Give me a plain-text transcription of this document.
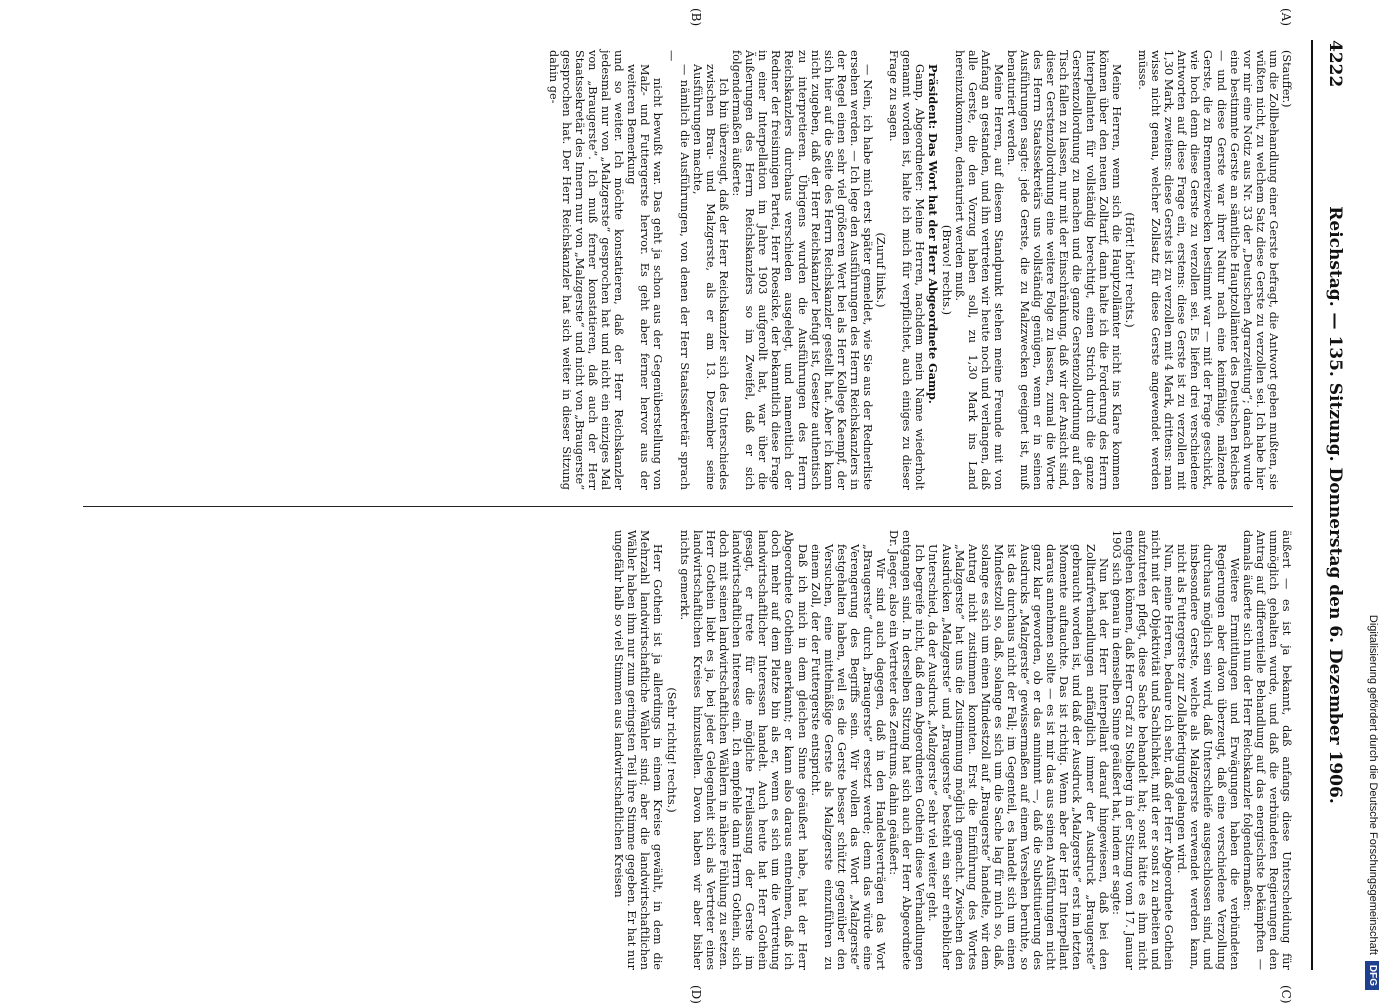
4222
Reichstag. — 135. Sitzung. Donnerstag den 6. Dezember 1906.
(A)
(B)
(C)
(D)

(Stauffer.)

um die Zollbehandlung einer Gerste befragt, die Antwort geben mußten, sie wüßten nicht, zu welchem Satz diese Gerste zu verzollen sei. Ich habe hier vor mir eine Notiz aus Nr. 33 der „Deutschen Agrarzeitung“; danach wurde eine bestimmte Gerste an sämtliche Hauptzollämter des Deutschen Reiches — und diese Gerste war ihrer Natur nach eine keimfähige, mälzende Gerste, die zu Brennereizwecken bestimmt war — mit der Frage geschickt, wie hoch denn diese Gerste zu verzollen sei. Es liefen drei verschiedene Antworten auf diese Frage ein, erstens: diese Gerste ist zu verzollen mit 1,30 Mark, zweitens: diese Gerste ist zu verzollen mit 4 Mark, drittens: man wisse nicht genau, welcher Zollsatz für diese Gerste angewendet werden müsse.

(Hört! hört! rechts.)

Meine Herren, wenn sich die Hauptzollämter nicht ins Klare kommen können über den neuen Zolltarif, dann halte ich die Forderung des Herrn Interpellanten für vollständig berechtigt, einen Strich durch die ganze Gerstenzollordnung zu machen und die ganze Gerstenzollordnung auf den Tisch fallen zu lassen, nur mit der Einschränkung, daß wir der Ansicht sind, dieser Gerstenzollordnung eine weitere Folge zu lassen, zumal die Worte des Herrn Staatssekretärs uns vollständig genügen, wenn er in seinen Ausführungen sagte: jede Gerste, die zu Malzzwecken geeignet ist, muß benaturiert werden.

Meine Herren, auf diesem Standpunkt stehen meine Freunde mit von Anfang an gestanden, und ihn vertreten wir heute noch und verlangen, daß alle Gerste, die den Vorzug haben soll, zu 1,30 Mark ins Land hereinzukommen, denaturiert werden muß.

(Bravo! rechts.)

Präsident: Das Wort hat der Herr Abgeordnete Gamp.

Gamp, Abgeordneter: Meine Herren, nachdem mein Name wiederholt genannt worden ist, halte ich mich für verpflichtet, auch einiges zu dieser Frage zu sagen.

(Zuruf links.)

— Nein, ich habe mich erst später gemeldet, wie Sie aus der Rednerliste ersehen werden. — Ich lege den Ausführungen des Herrn Reichskanzlers in der Regel einen sehr viel größeren Wert bei als Herr Kollege Kaempf, der sich hier auf die Seite des Herrn Reichskanzler gestellt hat. Aber ich kann nicht zugeben, daß der Herr Reichskanzler befugt ist, Gesetze authentisch zu interpretieren. Übrigens wurden die Ausführungen des Herrn Reichskanzlers durchaus verschieden ausgelegt, und namentlich der Redner der freisinnigen Partei, Herr Roesicke, der bekanntlich diese Frage in einer Interpellation im Jahre 1903 aufgerollt hat, war über die Äußerungen des Herrn Reichskanzlers so im Zweifel, daß er sich folgendermaßen äußerte:

Ich bin überzeugt, daß der Herr Reichskanzler sich des Unterschiedes zwischen Brau- und Malzgerste, als er am 13. Dezember seine Ausführungen machte,

— nämlich die Ausführungen, von denen der Herr Staatssekretär sprach —

nicht bewußt war. Das geht ja schon aus der Gegenüberstellung von Malz- und Futtergerste hervor. Es geht aber ferner hervor aus der weiteren Bemerkung

und so weiter. Ich möchte konstatieren, daß der Herr Reichskanzler jedesmal nur von „Malzgerste“ gesprochen hat und nicht ein einziges Mal von „Braugerste“. Ich muß ferner konstatieren, daß auch der Herr Staatssekretär des Innern nur von „Malzgerste“ und nicht von „Braugerste“ gesprochen hat. Der Herr Reichskanzler hat sich weiter in dieser Sitzung dahin ge-

äußert — es ist ja bekannt, daß anfangs diese Unterscheidung für unmöglich gehalten wurde, und daß die verbündeten Regierungen den Antrag auf differentielle Behandlung auf das energischste bekämpften — damals äußerte sich nun der Herr Reichskanzler folgendermaßen:

Weitere Ermittlungen und Erwägungen haben die verbündeten Regierungen aber davon überzeugt, daß eine verschiedene Verzollung durchaus möglich sein wird, daß Unterschleife ausgeschlossen sind, und insbesondere Gerste, welche als Malzgerste verwendet werden kann, nicht als Futtergerste zur Zollabfertigung gelangen wird.

Nun, meine Herren, bedaure ich sehr, daß der Herr Abgeordnete Gothein nicht mit der Objektivität und Sachlichkeit, mit der er sonst zu arbeiten und aufzutreten pflegt, diese Sache behandelt hat; sonst hätte es ihm nicht entgehen können, daß Herr Graf zu Stolberg in der Sitzung vom 17. Januar 1903 sich genau in demselben Sinne geäußert hat, indem er sagte:

Nun hat der Herr Interpellant darauf hingewiesen, daß bei den Zolltarifverhandlungen anfänglich immer der Ausdruck „Braugerste“ gebraucht worden ist, und daß der Ausdruck „Malzgerste“ erst im letzten Momente auftauchte. Das ist richtig. Wenn aber der Herr Interpellant daraus annehmen sollte — es ist mir das aus seinen Ausführungen nicht ganz klar geworden, ob er das annimmt —, daß die Substituierung des Ausdrucks „Malzgerste“ gewissermaßen auf einem Versehen beruhte, so ist das durchaus nicht der Fall; im Gegenteil, es handelt sich um einen Mindestzoll so, daß, solange es sich um die Sache lag für mich so, daß, solange es sich um einen Mindestzoll auf „Braugerste“ handelte, wir dem Antrag nicht zustimmen konnten. Erst die Einführung des Wortes „Malzgerste“ hat uns die Zustimmung möglich gemacht. Zwischen den Ausdrücken „Malzgerste“ und „Braugerste“ besteht ein sehr erheblicher Unterschied, da der Ausdruck „Malzgerste“ sehr viel weiter geht.

Ich begreife nicht, daß dem Abgeordneten Gothein diese Verhandlungen entgangen sind. In derselben Sitzung hat sich auch der Herr Abgeordnete Dr. Jaeger, also ein Vertreter des Zentrums, dahin geäußert:

Wir sind auch dagegen, daß in den Handelsverträgen das Wort „Braugerste“ durch „Braugerste“ ersetzt werde; denn das würde eine Verengerung des Begriffs sein. Wir wollen das Wort „Malzgerste“ festgehalten haben, weil es die Gerste besser schützt gegenüber den Versuchen, eine mittelmäßige Gerste als Malzgerste einzuführen zu einem Zoll, der der Futtergerste entspricht.

Daß ich mich in dem gleichen Sinne geäußert habe, hat der Herr Abgeordnete Gothein anerkannt; er kann also daraus entnehmen, daß ich doch mehr auf dem Platze bin als er, wenn es sich um die Vertretung landwirtschaftlicher Interessen handelt. Auch heute hat Herr Gothein gesagt, er trete für die mögliche Freilassung der Gerste im landwirtschaftlichen Interesse ein. Ich empfehle dann Herrn Gothein, sich doch mit seinen landwirtschaftlichen Wählern in nähere Fühlung zu setzen. Herr Gothein liebt es ja, bei jeder Gelegenheit sich als Vertreter eines landwirtschaftlichen Kreises hinzustellen. Davon haben wir aber bisher nichts gemerkt.

(Sehr richtig! rechts.)

Herr Gothein ist ja allerdings in einem Kreise gewählt, in dem die Mehrzahl landwirtschaftliche Wähler sind; aber die landwirtschaftlichen Wähler haben ihm nur zum geringsten Teil ihre Stimme gegeben. Er hat nur ungefähr halb so viel Stimmen aus landwirtschaftlichen Kreisen	Digitalisierung gefördert durch die Deutsche ForschungsgemeinschaftDFG
